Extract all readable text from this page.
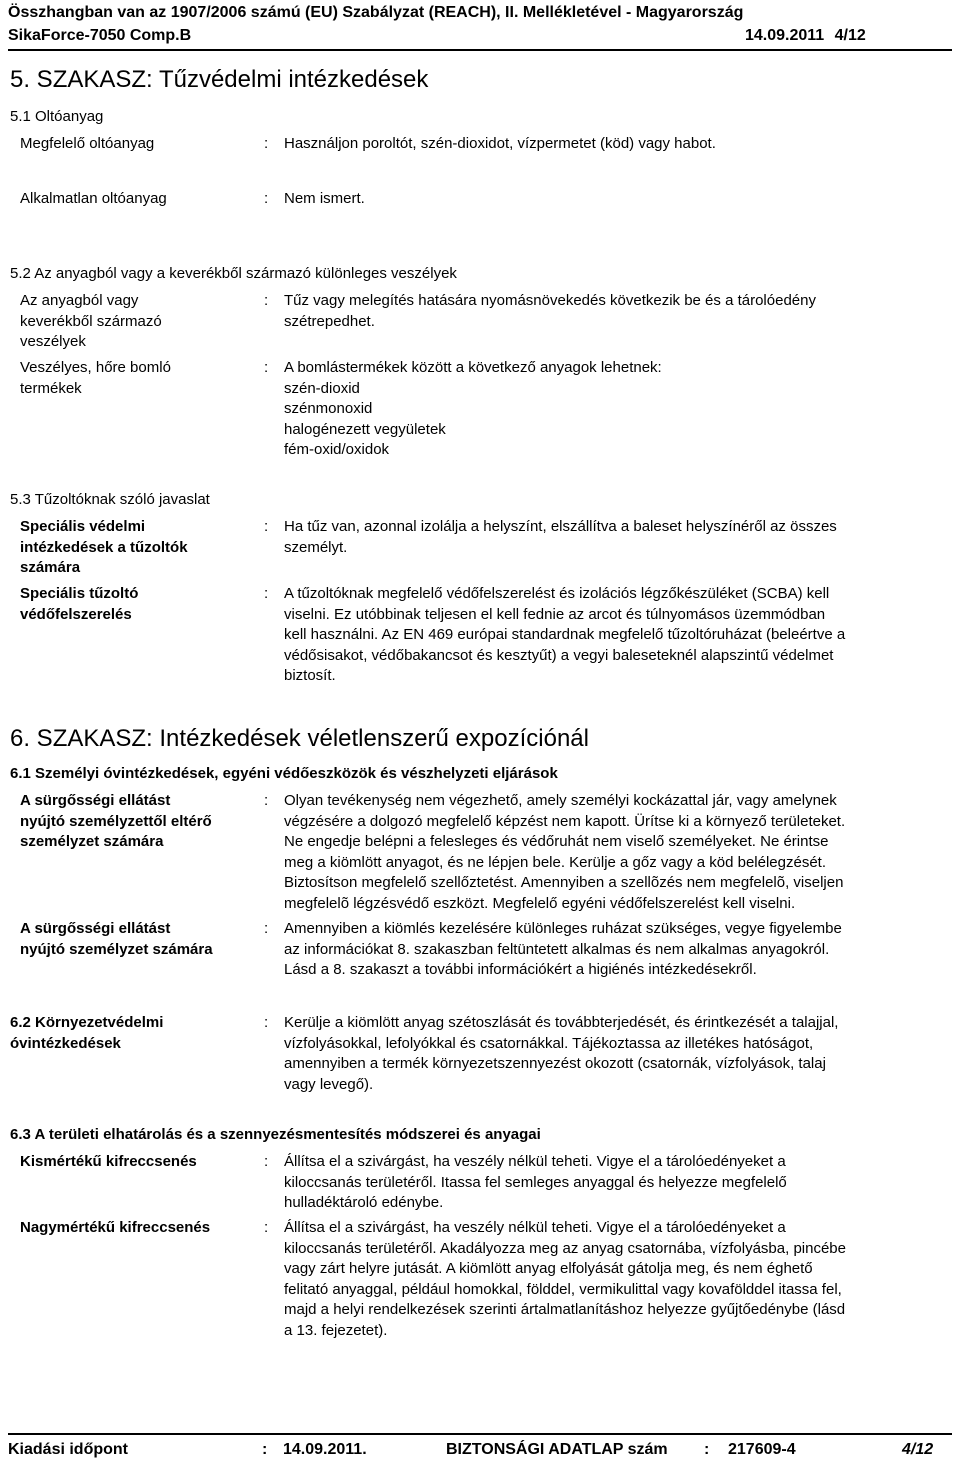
Összhangban van az 1907/2006 számú (EU) Szabályzat (REACH), II. Mellékletével - Magyarország
SikaForce-7050 Comp.B	14.09.2011 4/12
5. SZAKASZ: Tűzvédelmi intézkedések
5.1 Oltóanyag
Megfelelő oltóanyag	: Használjon poroltót, szén-dioxidot, vízpermetet (köd) vagy habot.
Alkalmatlan oltóanyag	: Nem ismert.
5.2 Az anyagból vagy a keverékből származó különleges veszélyek
Az anyagból vagy
keverékből származó
veszélyek
: Tűz vagy melegítés hatására nyomásnövekedés következik be és a tárolóedény
szétrepedhet.
Veszélyes, hőre bomló
termékek
: A bomlástermékek között a következő anyagok lehetnek:
szén-dioxid
szénmonoxid
halogénezett vegyületek
fém-oxid/oxidok
5.3 Tűzoltóknak szóló javaslat
Speciális védelmi
intézkedések a tűzoltók
számára
: Ha tűz van, azonnal izolálja a helyszínt, elszállítva a baleset helyszínéről az összes
személyt.
Speciális tűzoltó
védőfelszerelés
: A tűzoltóknak megfelelő védőfelszerelést és izolációs légzőkészüléket (SCBA) kell
viselni. Ez utóbbinak teljesen el kell fednie az arcot és túlnyomásos üzemmódban
kell használni. Az EN 469 európai standardnak megfelelő tűzoltóruházat (beleértve a
védősisakot, védőbakancsot és kesztyűt) a vegyi baleseteknél alapszintű védelmet
biztosít.
6. SZAKASZ: Intézkedések véletlenszerű expozíciónál
6.1 Személyi óvintézkedések, egyéni védőeszközök és vészhelyzeti eljárások
A sürgősségi ellátást
nyújtó személyzettől eltérő
személyzet számára
: Olyan tevékenység nem végezhető, amely személyi kockázattal jár, vagy amelynek
végzésére a dolgozó megfelelő képzést nem kapott. Ürítse ki a környező területeket.
Ne engedje belépni a felesleges és védőruhát nem viselő személyeket. Ne érintse
meg a kiömlött anyagot, és ne lépjen bele. Kerülje a gőz vagy a köd belélegzését.
Biztosítson megfelelő szellőztetést. Amennyiben a szellõzés nem megfelelõ, viseljen
megfelelõ légzésvédő eszközt. Megfelelő egyéni védőfelszerelést kell viselni.
A sürgősségi ellátást
nyújtó személyzet számára
: Amennyiben a kiömlés kezelésére különleges ruházat szükséges, vegye figyelembe
az információkat 8. szakaszban feltüntetett alkalmas és nem alkalmas anyagokról.
Lásd a 8. szakaszt a további információkért a higiénés intézkedésekről.
6.2 Környezetvédelmi
óvintézkedések
: Kerülje a kiömlött anyag szétoszlását és továbbterjedését, és érintkezését a talajjal,
vízfolyásokkal, lefolyókkal és csatornákkal. Tájékoztassa az illetékes hatóságot,
amennyiben a termék környezetszennyezést okozott (csatornák, vízfolyások, talaj
vagy levegő).
6.3 A területi elhatárolás és a szennyezésmentesítés módszerei és anyagai
Kismértékű kifreccsenés	: Állítsa el a szivárgást, ha veszély nélkül teheti. Vigye el a tárolóedényeket a
kiloccsanás területéről. Itassa fel semleges anyaggal és helyezze megfelelő
hulladéktároló edénybe.
Nagymértékű kifreccsenés	: Állítsa el a szivárgást, ha veszély nélkül teheti. Vigye el a tárolóedényeket a
kiloccsanás területéről. Akadályozza meg az anyag csatornába, vízfolyásba, pincébe
vagy zárt helyre jutását. A kiömlött anyag elfolyását gátolja meg, és nem éghető
felitató anyaggal, például homokkal, földdel, vermikulittal vagy kovafölddel itassa fel,
majd a helyi rendelkezések szerinti ártalmatlanításhoz helyezze gyűjtőedénybe (lásd
a 13. fejezetet).
Kiadási időpont	: 14.09.2011.	BIZTONSÁGI ADATLAP szám : 217609-4	4/12
